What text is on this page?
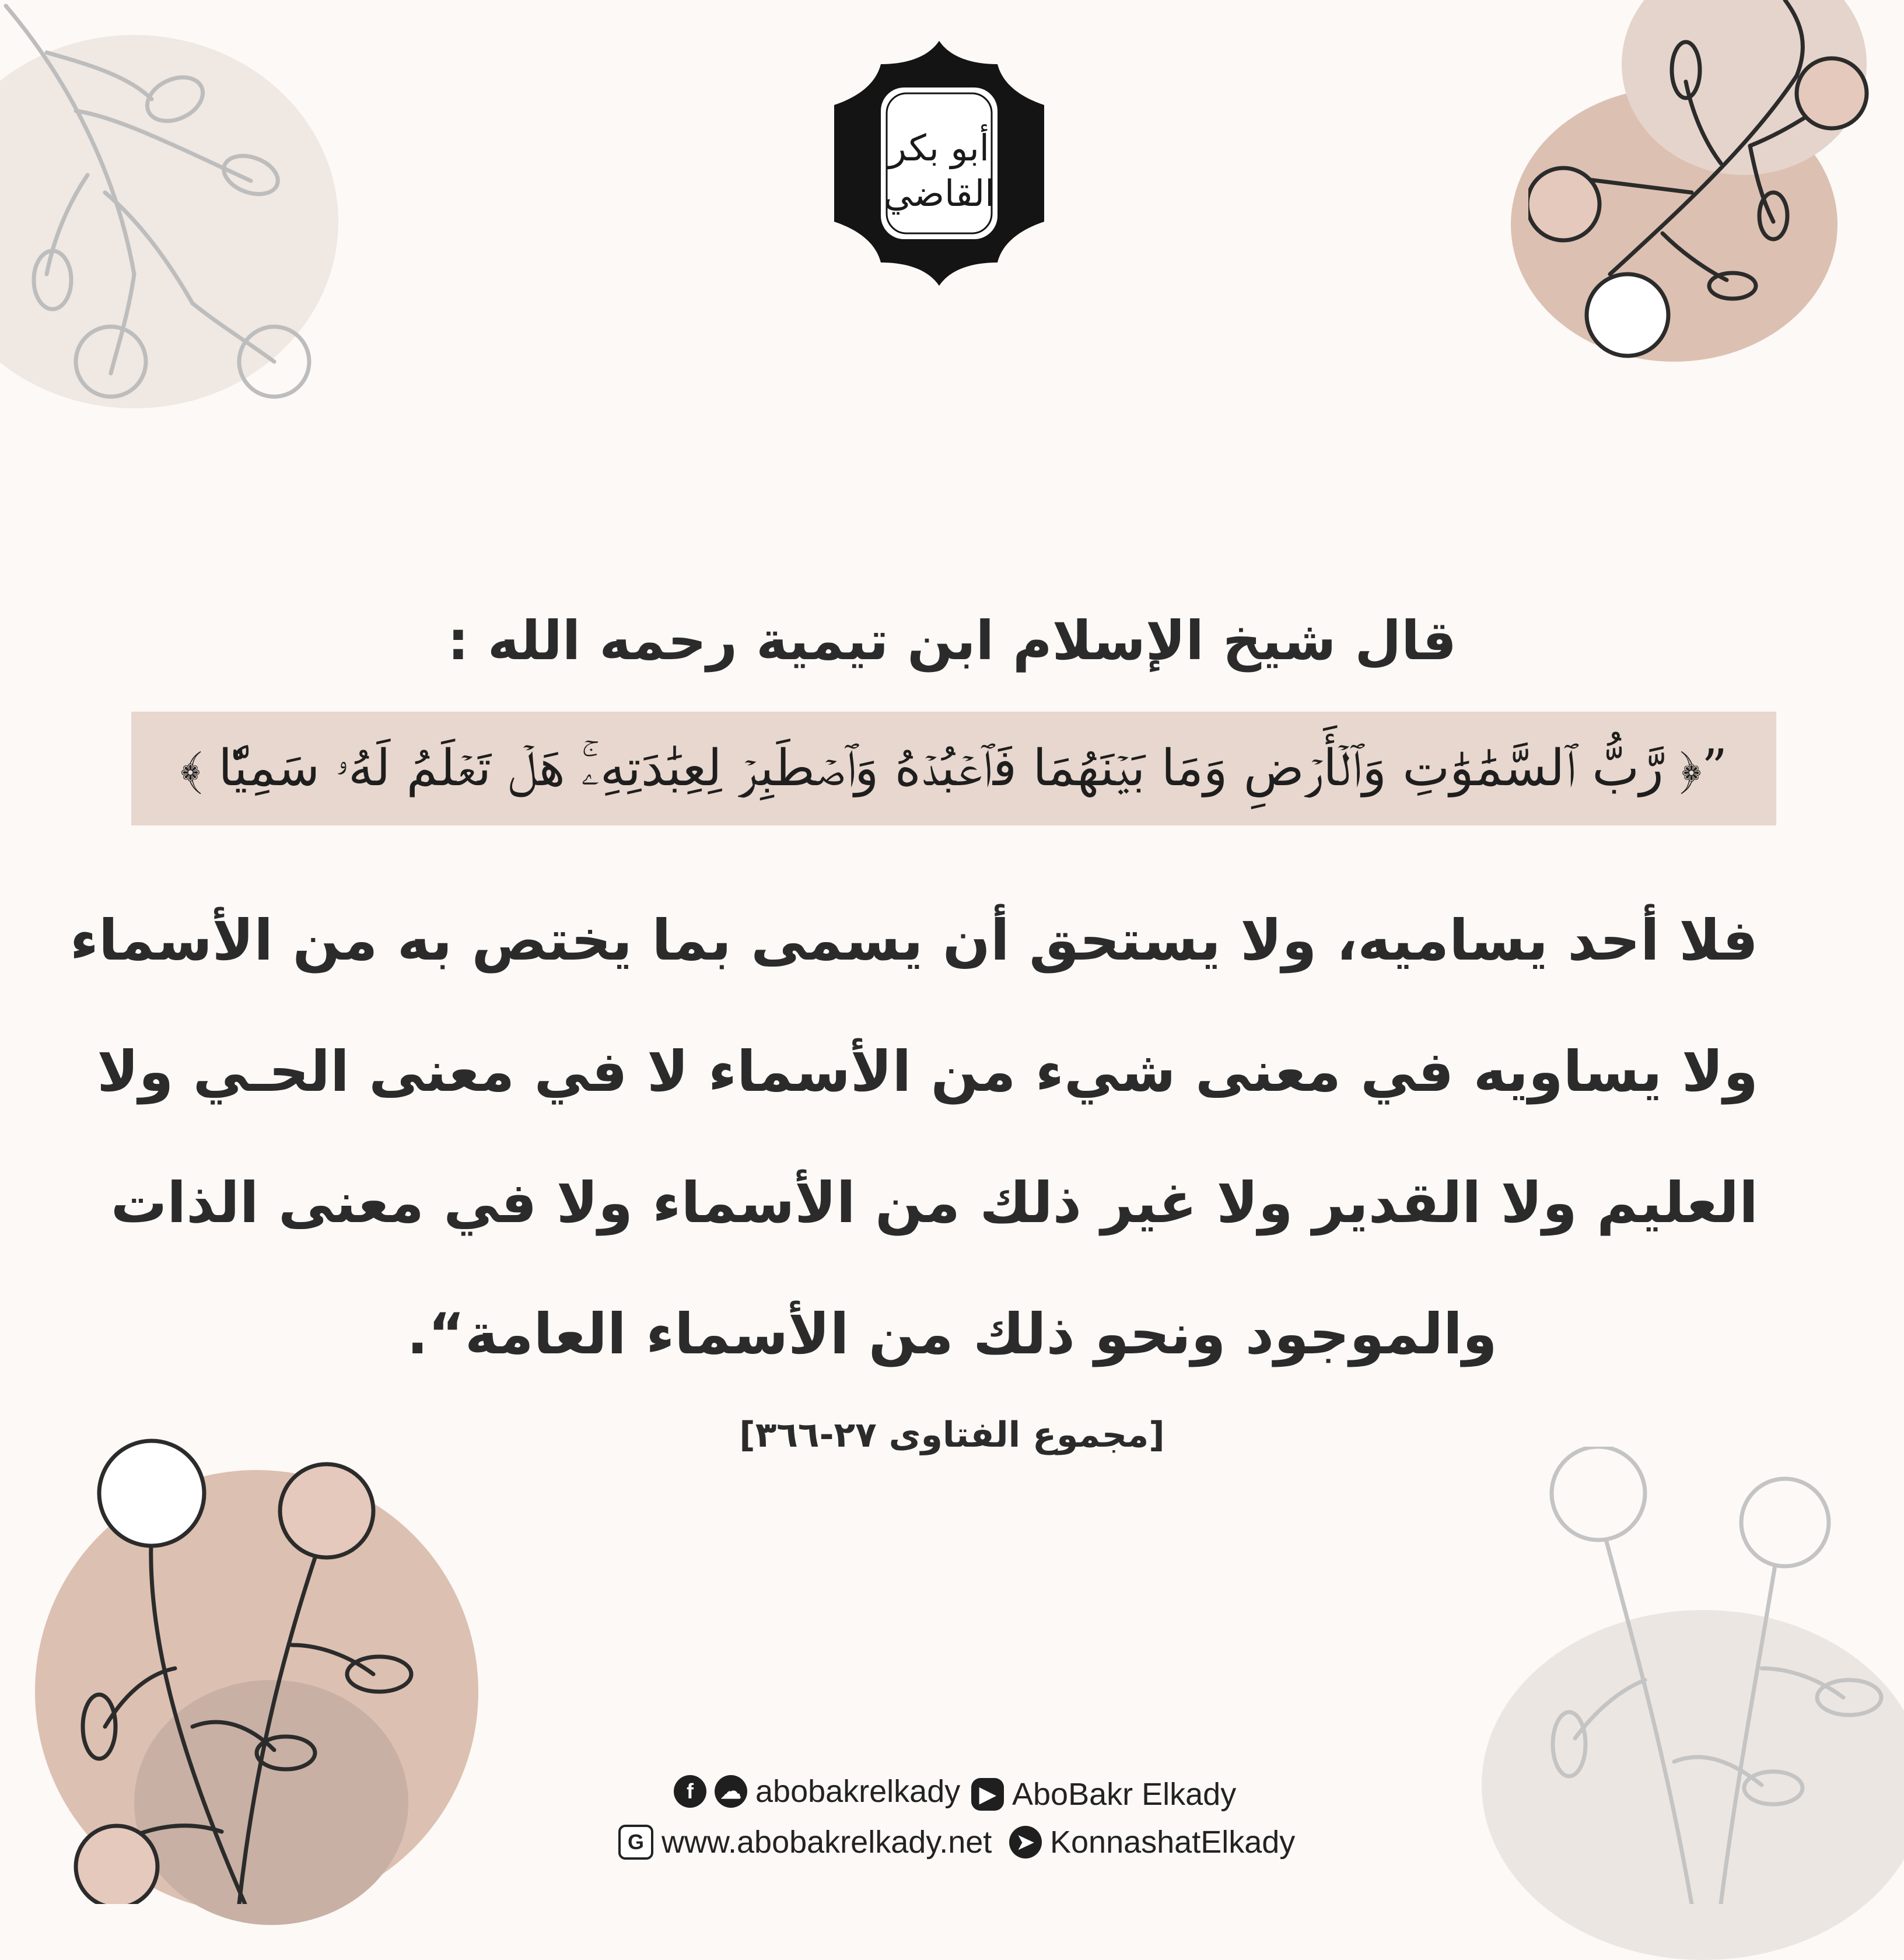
أبو بكر
القاضي
قال شيخ الإسلام ابن تيمية رحمه الله :
”﴿ رَّبُّ ٱلسَّمَٰوَٰتِ وَٱلۡأَرۡضِ وَمَا بَيۡنَهُمَا فَٱعۡبُدۡهُ وَٱصۡطَبِرۡ لِعِبَٰدَتِهِۦۚ هَلۡ تَعۡلَمُ لَهُۥ سَمِيّٗا ﴾
فلا أحد يساميه، ولا يستحق أن يسمى بما يختص به من الأسماء
ولا يساويه في معنى شيء من الأسماء لا في معنى الحـي ولا
العليم ولا القدير ولا غير ذلك من الأسماء ولا في معنى الذات
والموجود ونحو ذلك من الأسماء العامة“.
[مجموع الفتاوى ٢٧-٣٦٦]
f	☁ abobakrelkady ▶ AboBakr Elkady
G www.abobakrelkady.net	➤ KonnashatElkady
